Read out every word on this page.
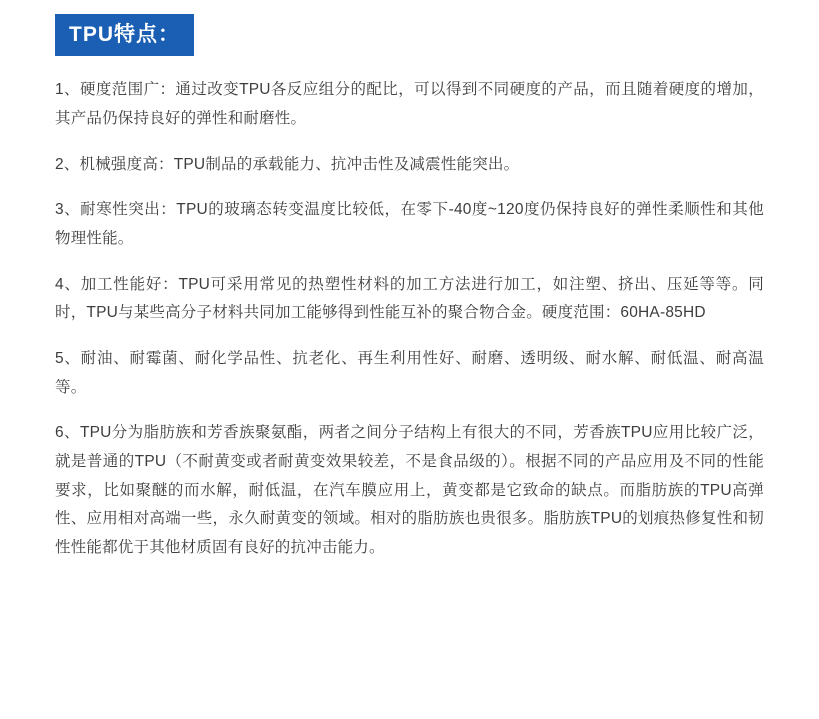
TPU特点：

1、硬度范围广：通过改变TPU各反应组分的配比，可以得到不同硬度的产品，而且随着硬度的增加，其产品仍保持良好的弹性和耐磨性。

2、机械强度高：TPU制品的承载能力、抗冲击性及减震性能突出。

3、耐寒性突出：TPU的玻璃态转变温度比较低，在零下-40度~120度仍保持良好的弹性柔顺性和其他物理性能。

4、加工性能好：TPU可采用常见的热塑性材料的加工方法进行加工，如注塑、挤出、压延等等。同时，TPU与某些高分子材料共同加工能够得到性能互补的聚合物合金。硬度范围：60HA-85HD

5、耐油、耐霉菌、耐化学品性、抗老化、再生利用性好、耐磨、透明级、耐水解、耐低温、耐高温等。

6、TPU分为脂肪族和芳香族聚氨酯，两者之间分子结构上有很大的不同，芳香族TPU应用比较广泛，就是普通的TPU（不耐黄变或者耐黄变效果较差，不是食品级的）。根据不同的产品应用及不同的性能要求，比如聚醚的而水解，耐低温，在汽车膜应用上，黄变都是它致命的缺点。而脂肪族的TPU高弹性、应用相对高端一些，永久耐黄变的领域。相对的脂肪族也贵很多。脂肪族TPU的划痕热修复性和韧性性能都优于其他材质固有良好的抗冲击能力。
